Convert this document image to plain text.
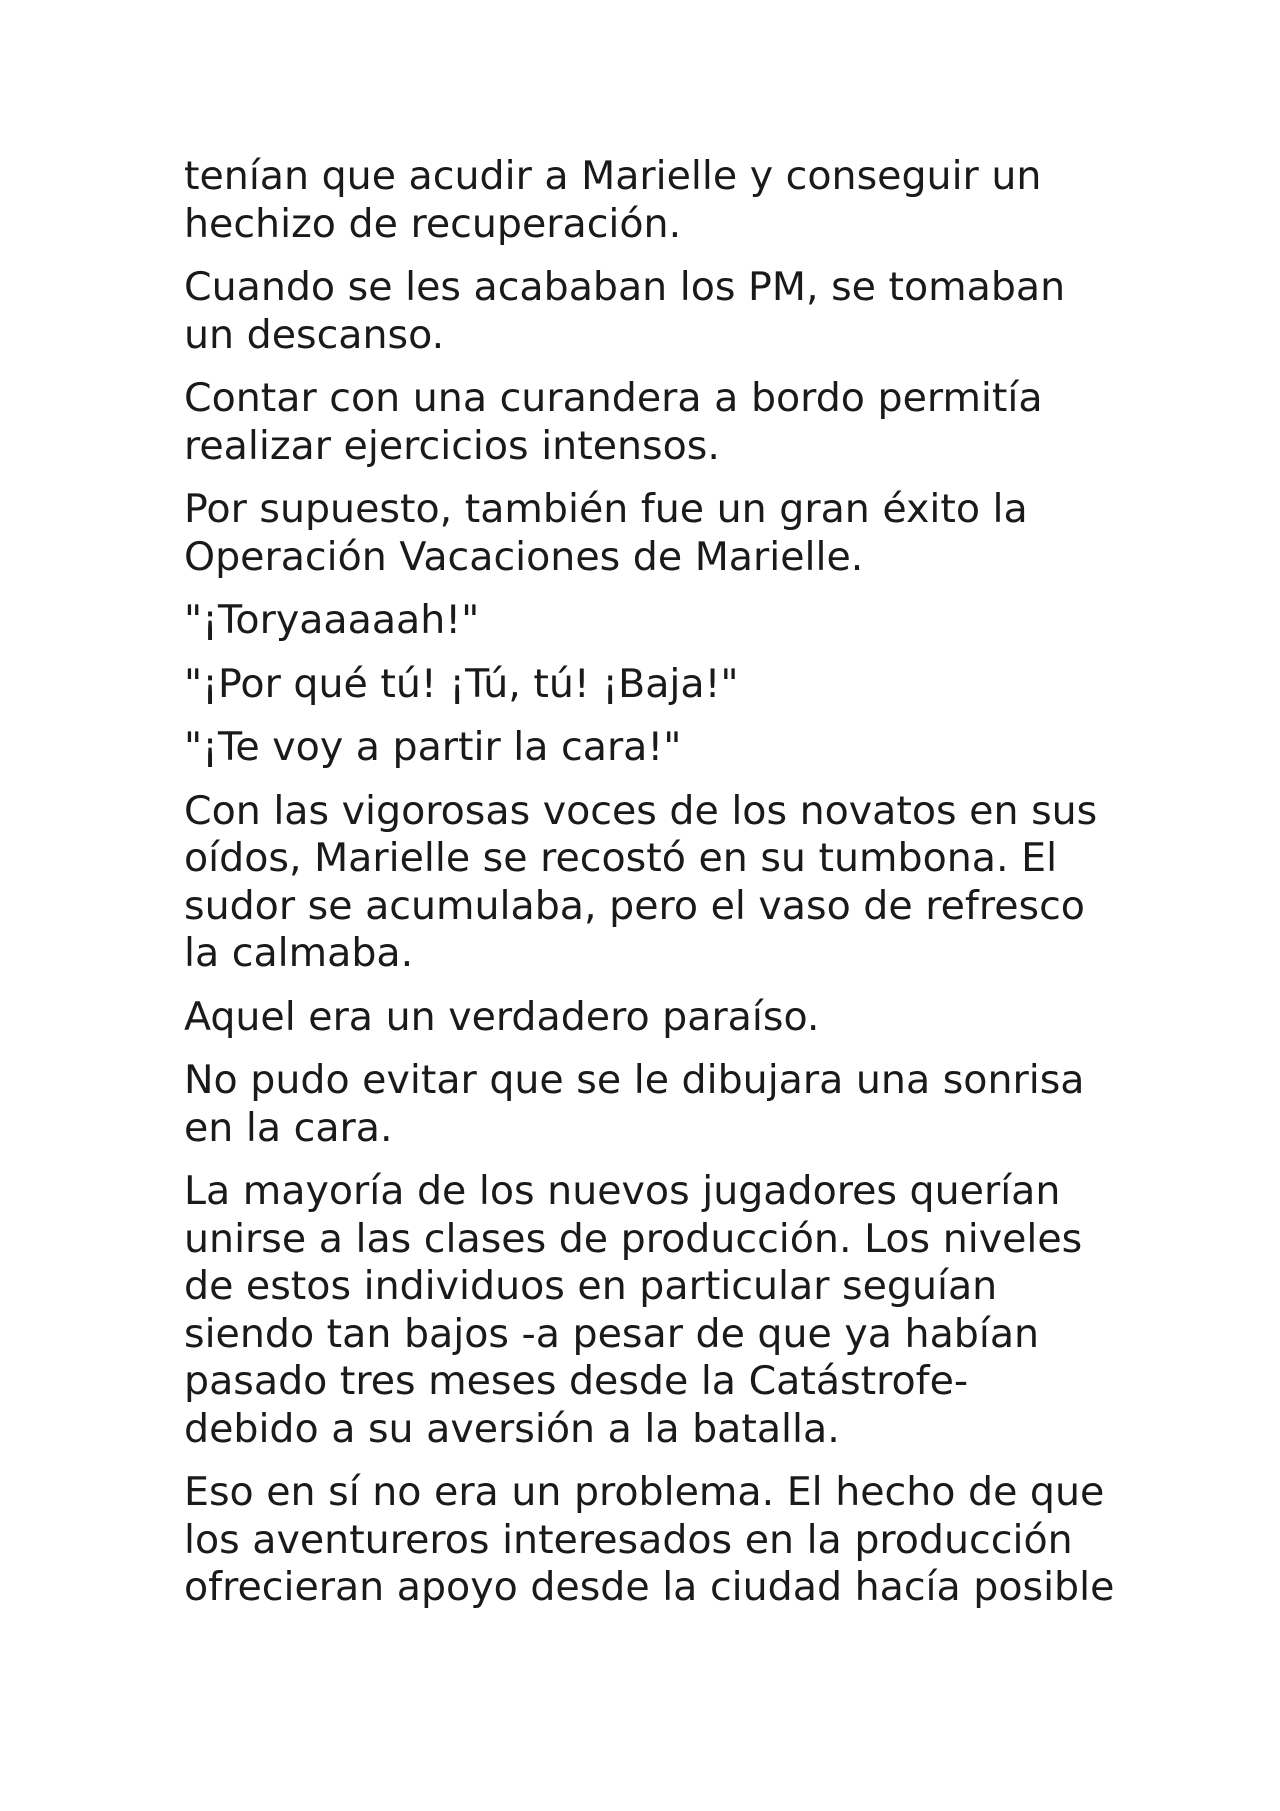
tenían que acudir a Marielle y conseguir un
hechizo de recuperación.

Cuando se les acababan los PM, se tomaban
un descanso.

Contar con una curandera a bordo permitía
realizar ejercicios intensos.

Por supuesto, también fue un gran éxito la
Operación Vacaciones de Marielle.

"¡Toryaaaaah!"

"¡Por qué tú! ¡Tú, tú! ¡Baja!"

"¡Te voy a partir la cara!"

Con las vigorosas voces de los novatos en sus
oídos, Marielle se recostó en su tumbona. El
sudor se acumulaba, pero el vaso de refresco
la calmaba.

Aquel era un verdadero paraíso.

No pudo evitar que se le dibujara una sonrisa
en la cara.

La mayoría de los nuevos jugadores querían
unirse a las clases de producción. Los niveles
de estos individuos en particular seguían
siendo tan bajos -a pesar de que ya habían
pasado tres meses desde la Catástrofe-
debido a su aversión a la batalla.

Eso en sí no era un problema. El hecho de que
los aventureros interesados en la producción
ofrecieran apoyo desde la ciudad hacía posible
